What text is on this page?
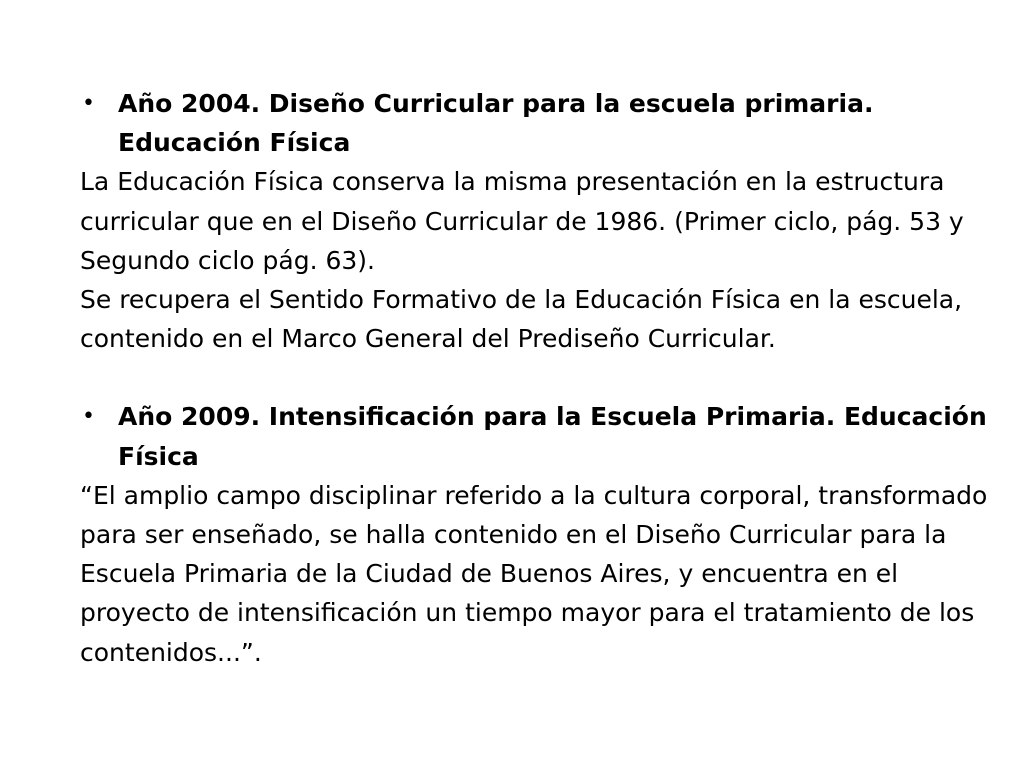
• Año 2004. Diseño Curricular para la escuela primaria. Educación Física

La Educación Física conserva la misma presentación en la estructura curricular que en el Diseño Curricular de 1986. (Primer ciclo, pág. 53 y Segundo ciclo pág. 63).
Se recupera el Sentido Formativo de la Educación Física en la escuela, contenido en el Marco General del Prediseño Curricular.

• Año 2009. Intensificación para la Escuela Primaria. Educación Física

“El amplio campo disciplinar referido a la cultura corporal, transformado para ser enseñado, se halla contenido en el Diseño Curricular para la Escuela Primaria de la Ciudad de Buenos Aires, y encuentra en el proyecto de intensificación un tiempo mayor para el tratamiento de los contenidos...”.
